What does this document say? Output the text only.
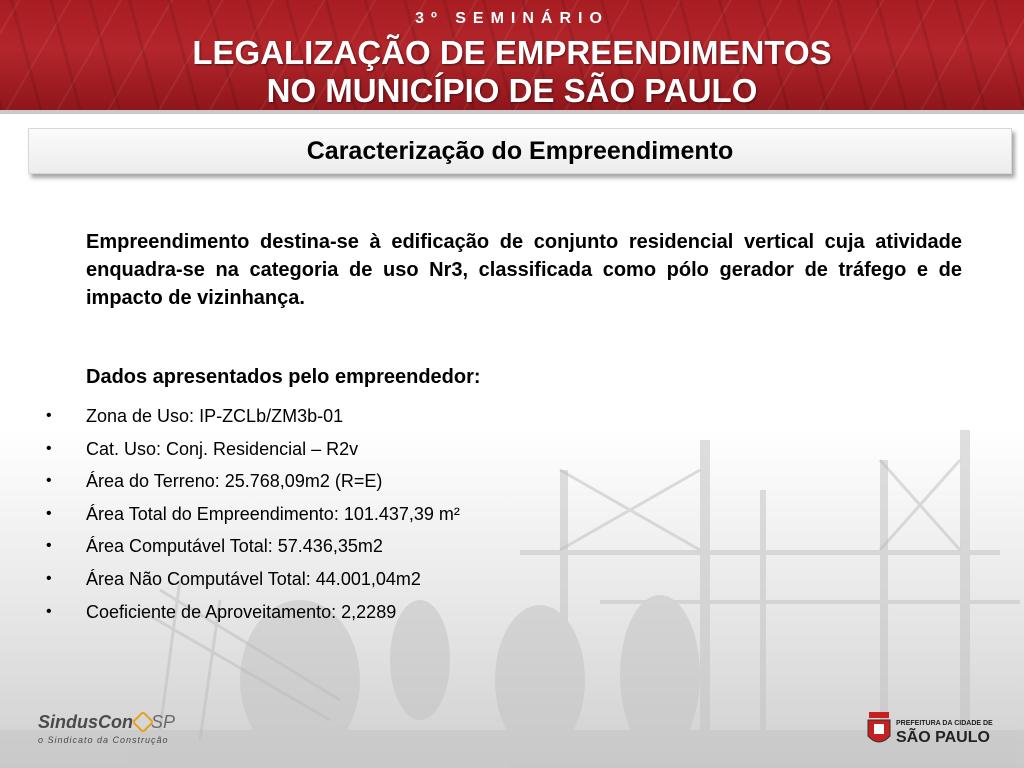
3º SEMINÁRIO
LEGALIZAÇÃO DE EMPREENDIMENTOS
NO MUNICÍPIO DE SÃO PAULO
Caracterização do Empreendimento
Empreendimento destina-se à edificação de conjunto residencial vertical cuja atividade enquadra-se na categoria de uso Nr3, classificada como pólo gerador de tráfego e de impacto de vizinhança.
Dados apresentados pelo empreendedor:
• Zona de Uso: IP-ZCLb/ZM3b-01
• Cat. Uso: Conj. Residencial – R2v
• Área do Terreno: 25.768,09m2 (R=E)
• Área Total do Empreendimento: 101.437,39 m²
• Área Computável Total: 57.436,35m2
• Área Não Computável Total: 44.001,04m2
• Coeficiente de Aproveitamento: 2,2289
SindusCon SP
o Sindicato da Construção
PREFEITURA DA CIDADE DE
SÃO PAULO
